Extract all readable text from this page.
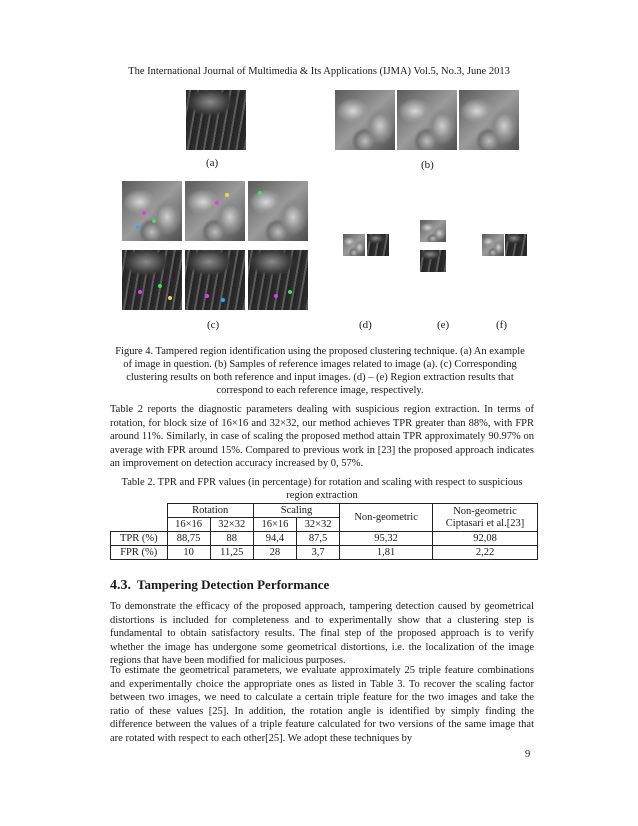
The International Journal of Multimedia & Its Applications (IJMA) Vol.5, No.3, June 2013
(a)	(b)
(c)	(d)	(e)	(f)
Figure 4. Tampered region identification using the proposed clustering technique. (a) An example of image in question. (b) Samples of reference images related to image (a). (c) Corresponding clustering results on both reference and input images. (d) – (e) Region extraction results that correspond to each reference image, respectively.
Table 2 reports the diagnostic parameters dealing with suspicious region extraction. In terms of rotation, for block size of 16×16 and 32×32, our method achieves TPR greater than 88%, with FPR around 11%. Similarly, in case of scaling the proposed method attain TPR approximately 90.97% on average with FPR around 15%. Compared to previous work in [23] the proposed approach indicates an improvement on detection accuracy increased by 0, 57%.
Table 2. TPR and FPR values (in percentage) for rotation and scaling with respect to suspicious region extraction
	Rotation		Scaling		Non-geometric	Non-geometric Ciptasari et al.[23]
	16×16	32×32	16×16	32×32		
TPR (%)	88,75	88	94,4	87,5	95,32	92,08
FPR (%)	10	11,25	28	3,7	1,81	2,22
4.3. Tampering Detection Performance
To demonstrate the efficacy of the proposed approach, tampering detection caused by geometrical distortions is included for completeness and to experimentally show that a clustering step is fundamental to obtain satisfactory results. The final step of the proposed approach is to verify whether the image has undergone some geometrical distortions, i.e. the localization of the image regions that have been modified for malicious purposes.
To estimate the geometrical parameters, we evaluate approximately 25 triple feature combinations and experimentally choice the appropriate ones as listed in Table 3. To recover the scaling factor between two images, we need to calculate a certain triple feature for the two images and take the ratio of these values [25]. In addition, the rotation angle is identified by simply finding the difference between the values of a triple feature calculated for two versions of the same image that are rotated with respect to each other[25]. We adopt these techniques by
9
